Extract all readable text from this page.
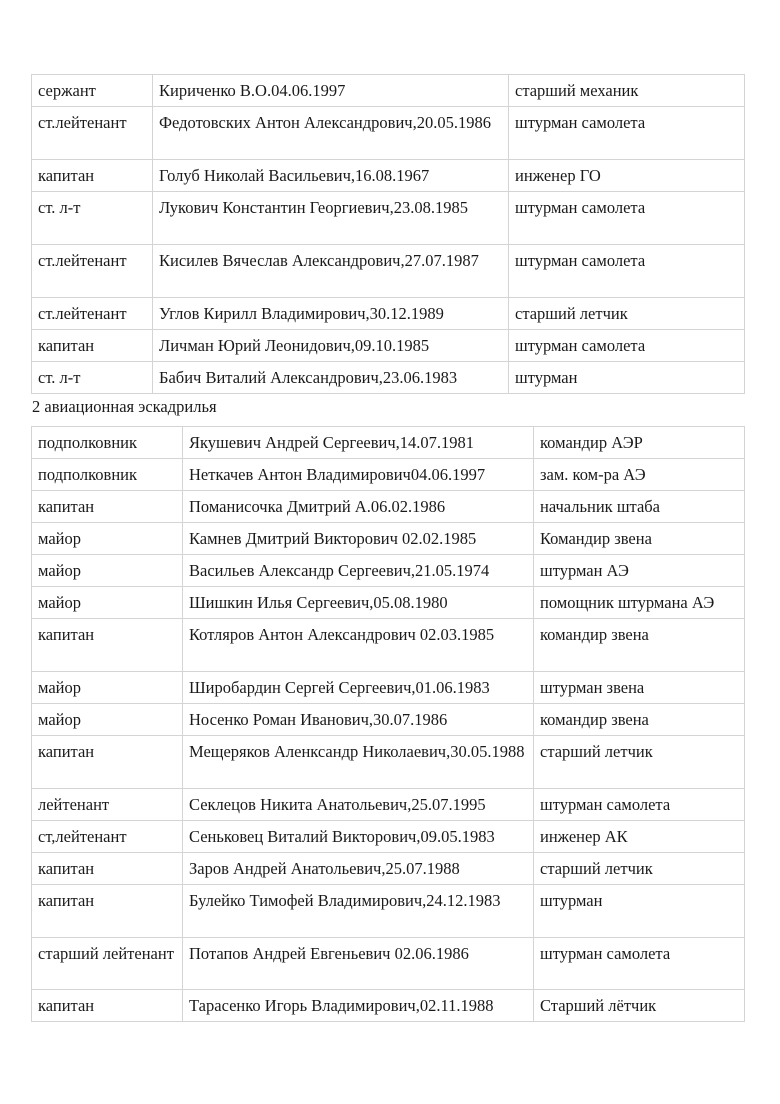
сержант	Кириченко В.О.04.06.1997	старший механик
ст.лейтенант	Федотовских Антон Александрович,20.05.1986	штурман самолета
капитан	Голуб Николай Васильевич,16.08.1967	инженер ГО
ст. л-т	Лукович Константин Георгиевич,23.08.1985	штурман самолета
ст.лейтенант	Кисилев Вячеслав Александрович,27.07.1987	штурман самолета
ст.лейтенант	Углов Кирилл Владимирович,30.12.1989	старший летчик
капитан	Личман Юрий Леонидович,09.10.1985	штурман самолета
ст. л-т	Бабич Виталий Александрович,23.06.1983	штурман
2 авиационная эскадрилья
подполковник	Якушевич Андрей Сергеевич,14.07.1981	командир АЭР
подполковник	Неткачев Антон Владимирович04.06.1997	зам. ком-ра АЭ
капитан	Поманисочка Дмитрий А.06.02.1986	начальник штаба
майор	Камнев Дмитрий Викторович 02.02.1985	Командир звена
майор	Васильев Александр Сергеевич,21.05.1974	штурман АЭ
майор	Шишкин Илья Сергеевич,05.08.1980	помощник штурмана АЭ
капитан	Котляров Антон Александрович 02.03.1985	командир звена
майор	Широбардин Сергей Сергеевич,01.06.1983	штурман звена
майор	Носенко Роман Иванович,30.07.1986	командир звена
капитан	Мещеряков Аленксандр Николаевич,30.05.1988	старший летчик
лейтенант	Секлецов Никита Анатольевич,25.07.1995	штурман самолета
ст,лейтенант	Сеньковец Виталий Викторович,09.05.1983	инженер АК
капитан	Заров Андрей Анатольевич,25.07.1988	старший летчик
капитан	Булейко Тимофей Владимирович,24.12.1983	штурман
старший лейтенант	Потапов Андрей Евгеньевич 02.06.1986	штурман самолета
капитан	Тарасенко Игорь Владимирович,02.11.1988	Старший лётчик
